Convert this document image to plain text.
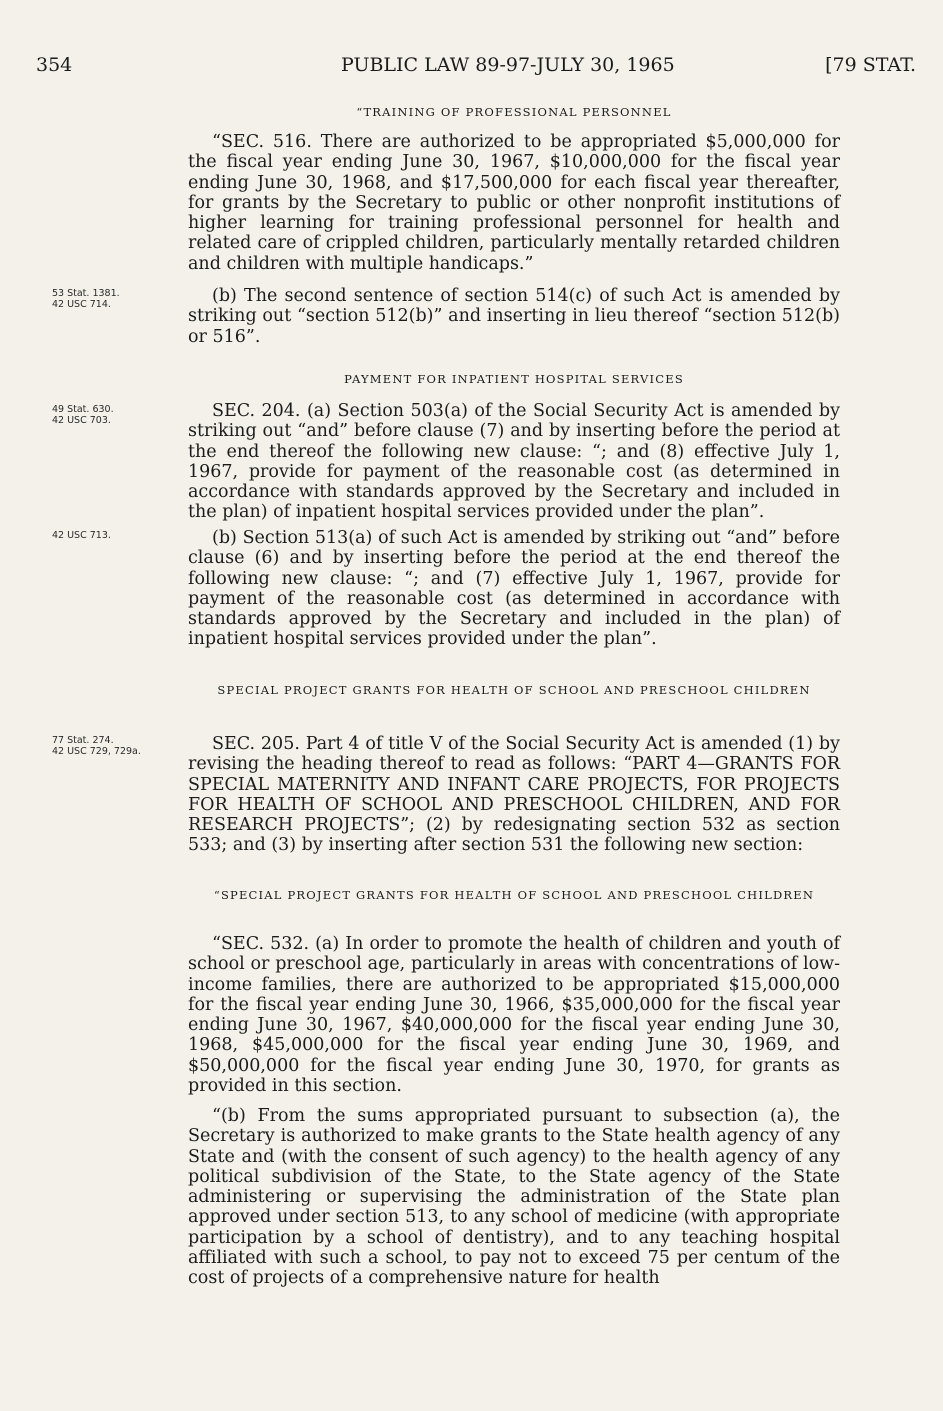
354	PUBLIC LAW 89-97-JULY 30, 1965	[79 STAT.
“TRAINING OF PROFESSIONAL PERSONNEL

“SEC. 516. There are authorized to be appropriated $5,000,000 for the fiscal year ending June 30, 1967, $10,000,000 for the fiscal year ending June 30, 1968, and $17,500,000 for each fiscal year thereafter, for grants by the Secretary to public or other nonprofit institutions of higher learning for training professional personnel for health and related care of crippled children, particularly mentally retarded children and children with multiple handicaps.”

53 Stat. 1381.
42 USC 714.	(b) The second sentence of section 514(c) of such Act is amended by striking out “section 512(b)” and inserting in lieu thereof “section 512(b) or 516”.

PAYMENT FOR INPATIENT HOSPITAL SERVICES
49 Stat. 630.
42 USC 703.	SEC. 204. (a) Section 503(a) of the Social Security Act is amended by striking out “and” before clause (7) and by inserting before the period at the end thereof the following new clause: “; and (8) effective July 1, 1967, provide for payment of the reasonable cost (as determined in accordance with standards approved by the Secretary and included in the plan) of inpatient hospital services provided under the plan”.

42 USC 713.	(b) Section 513(a) of such Act is amended by striking out “and” before clause (6) and by inserting before the period at the end thereof the following new clause: “; and (7) effective July 1, 1967, provide for payment of the reasonable cost (as determined in accordance with standards approved by the Secretary and included in the plan) of inpatient hospital services provided under the plan”.

SPECIAL PROJECT GRANTS FOR HEALTH OF SCHOOL AND PRESCHOOL CHILDREN
77 Stat. 274.
42 USC 729, 729a.	SEC. 205. Part 4 of title V of the Social Security Act is amended (1) by revising the heading thereof to read as follows: “PART 4—GRANTS FOR SPECIAL MATERNITY AND INFANT CARE PROJECTS, FOR PROJECTS FOR HEALTH OF SCHOOL AND PRESCHOOL CHILDREN, AND FOR RESEARCH PROJECTS”; (2) by redesignating section 532 as section 533; and (3) by inserting after section 531 the following new section:

“SPECIAL PROJECT GRANTS FOR HEALTH OF SCHOOL AND PRESCHOOL CHILDREN

“SEC. 532. (a) In order to promote the health of children and youth of school or preschool age, particularly in areas with concentrations of low-income families, there are authorized to be appropriated $15,000,000 for the fiscal year ending June 30, 1966, $35,000,000 for the fiscal year ending June 30, 1967, $40,000,000 for the fiscal year ending June 30, 1968, $45,000,000 for the fiscal year ending June 30, 1969, and $50,000,000 for the fiscal year ending June 30, 1970, for grants as provided in this section.

“(b) From the sums appropriated pursuant to subsection (a), the Secretary is authorized to make grants to the State health agency of any State and (with the consent of such agency) to the health agency of any political subdivision of the State, to the State agency of the State administering or supervising the administration of the State plan approved under section 513, to any school of medicine (with appropriate participation by a school of dentistry), and to any teaching hospital affiliated with such a school, to pay not to exceed 75 per centum of the cost of projects of a comprehensive nature for health
